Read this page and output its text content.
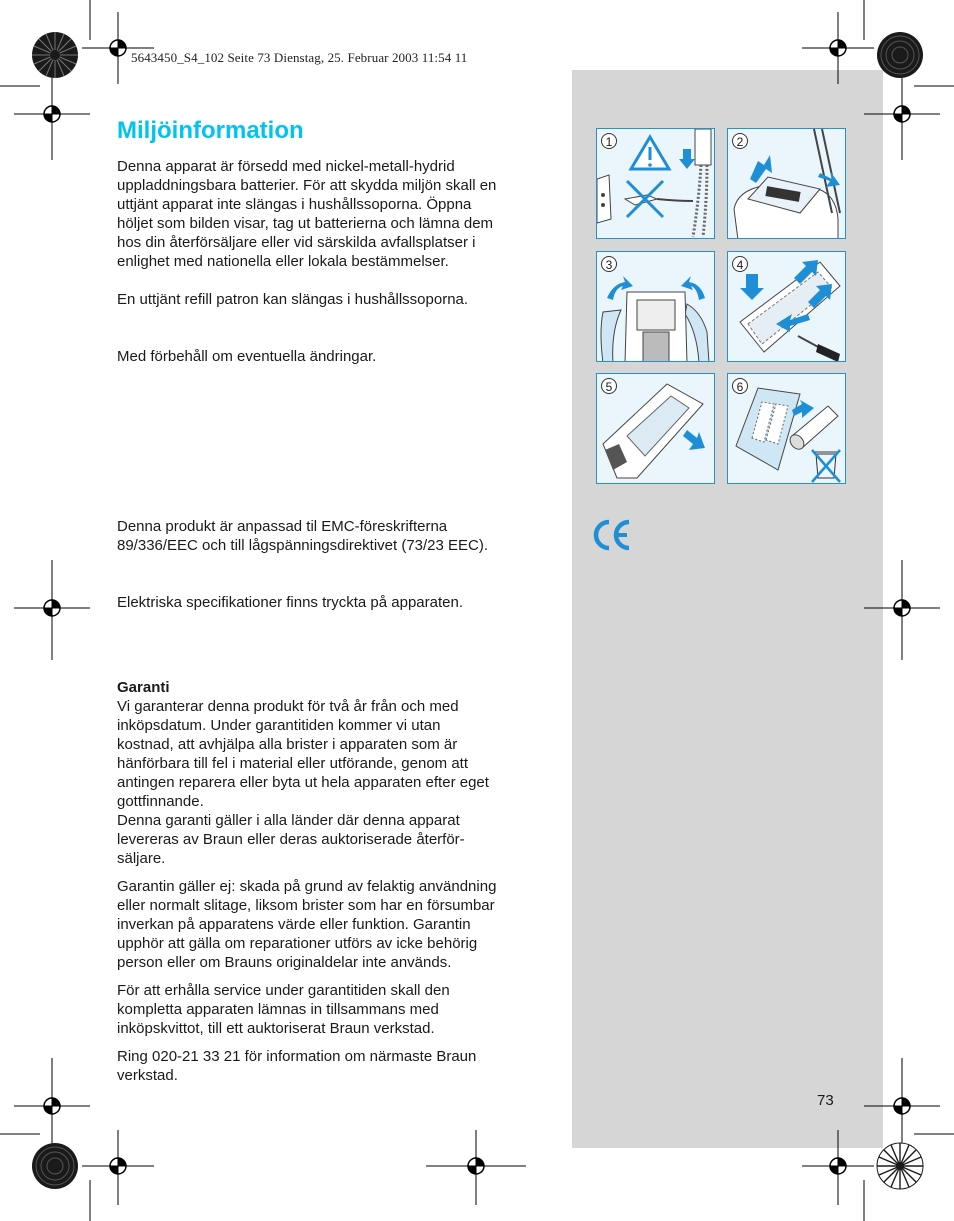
5643450_S4_102 Seite 73 Dienstag, 25. Februar 2003 11:54 11
Miljöinformation

Denna apparat är försedd med nickel-metall-hydrid
uppladdningsbara batterier. För att skydda miljön skall en
uttjänt apparat inte slängas i hushållssoporna. Öppna
höljet som bilden visar, tag ut batterierna och lämna dem
hos din återförsäljare eller vid särskilda avfallsplatser i
enlighet med nationella eller lokala bestämmelser.

En uttjänt refill patron kan slängas i hushållssoporna.

Med förbehåll om eventuella ändringar.

Denna produkt är anpassad til EMC-föreskrifterna
89/336/EEC och till lågspänningsdirektivet (73/23 EEC).

Elektriska specifikationer finns tryckta på apparaten.

Garanti

Vi garanterar denna produkt för två år från och med
inköpsdatum. Under garantitiden kommer vi utan
kostnad, att avhjälpa alla brister i apparaten som är
hänförbara till fel i material eller utförande, genom att
antingen reparera eller byta ut hela apparaten efter eget
gottfinnande.
Denna garanti gäller i alla länder där denna apparat
levereras av Braun eller deras auktoriserade återför-
säljare.

Garantin gäller ej: skada på grund av felaktig användning
eller normalt slitage, liksom brister som har en försumbar
inverkan på apparatens värde eller funktion. Garantin
upphör att gälla om reparationer utförs av icke behörig
person eller om Brauns originaldelar inte används.

För att erhålla service under garantitiden skall den
kompletta apparaten lämnas in tillsammans med
inköpskvittot, till ett auktoriserat Braun verkstad.

Ring 020-21 33 21 för information om närmaste Braun
verkstad.

73
1	2
3	4
5	6
